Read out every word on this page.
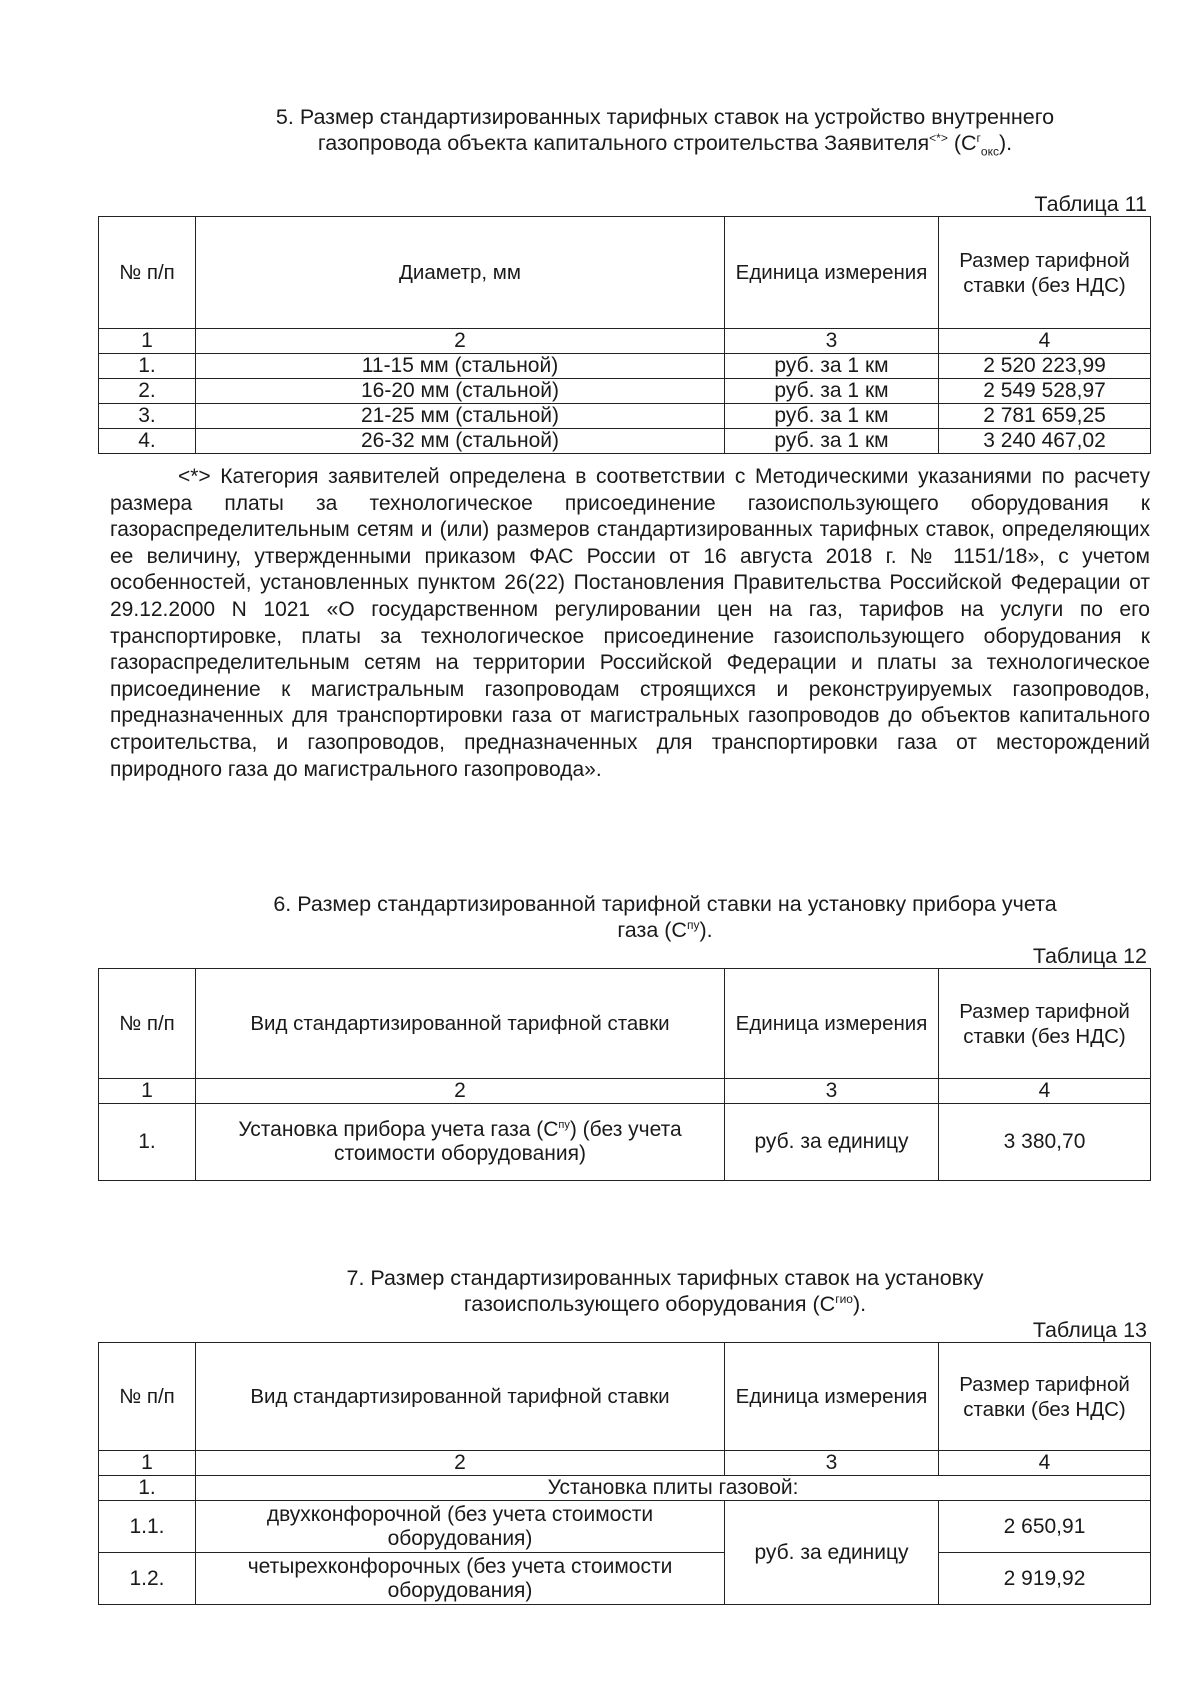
5. Размер стандартизированных тарифных ставок на устройство внутреннего
газопровода объекта капитального строительства Заявителя<*> $(С^г_{окс})$.
Таблица 11
№ п/п	Диаметр, мм	Единица измерения	Размер тарифной ставки (без НДС)
1	2	3	4
1.	11-15 мм (стальной)	руб. за 1 км	2 520 223,99
2.	16-20 мм (стальной)	руб. за 1 км	2 549 528,97
3.	21-25 мм (стальной)	руб. за 1 км	2 781 659,25
4.	26-32 мм (стальной)	руб. за 1 км	3 240 467,02
<*> Категория заявителей определена в соответствии с Методическими указаниями по расчету размера платы за технологическое присоединение газоиспользующего оборудования к газораспределительным сетям и (или) размеров стандартизированных тарифных ставок, определяющих ее величину, утвержденными приказом ФАС России от 16 августа 2018 г. № 1151/18», с учетом особенностей, установленных пунктом 26(22) Постановления Правительства Российской Федерации от 29.12.2000 N 1021 «О государственном регулировании цен на газ, тарифов на услуги по его транспортировке, платы за технологическое присоединение газоиспользующего оборудования к газораспределительным сетям на территории Российской Федерации и платы за технологическое присоединение к магистральным газопроводам строящихся и реконструируемых газопроводов, предназначенных для транспортировки газа от магистральных газопроводов до объектов капитального строительства, и газопроводов, предназначенных для транспортировки газа от месторождений природного газа до магистрального газопровода».
6. Размер стандартизированной тарифной ставки на установку прибора учета
газа $(С^{пу})$.
Таблица 12
№ п/п	Вид стандартизированной тарифной ставки	Единица измерения	Размер тарифной ставки (без НДС)
1	2	3	4
1.	Установка прибора учета газа $(С^{пу})$ (без учета стоимости оборудования)	руб. за единицу	3 380,70
7. Размер стандартизированных тарифных ставок на установку
газоиспользующего оборудования $(С^{гио})$.
Таблица 13
№ п/п	Вид стандартизированной тарифной ставки	Единица измерения	Размер тарифной ставки (без НДС)
1	2	3	4
1.	Установка плиты газовой:		
1.1.	двухконфорочной (без учета стоимости оборудования)	руб. за единицу	2 650,91
1.2.	четырехконфорочных (без учета стоимости оборудования)		2 919,92
